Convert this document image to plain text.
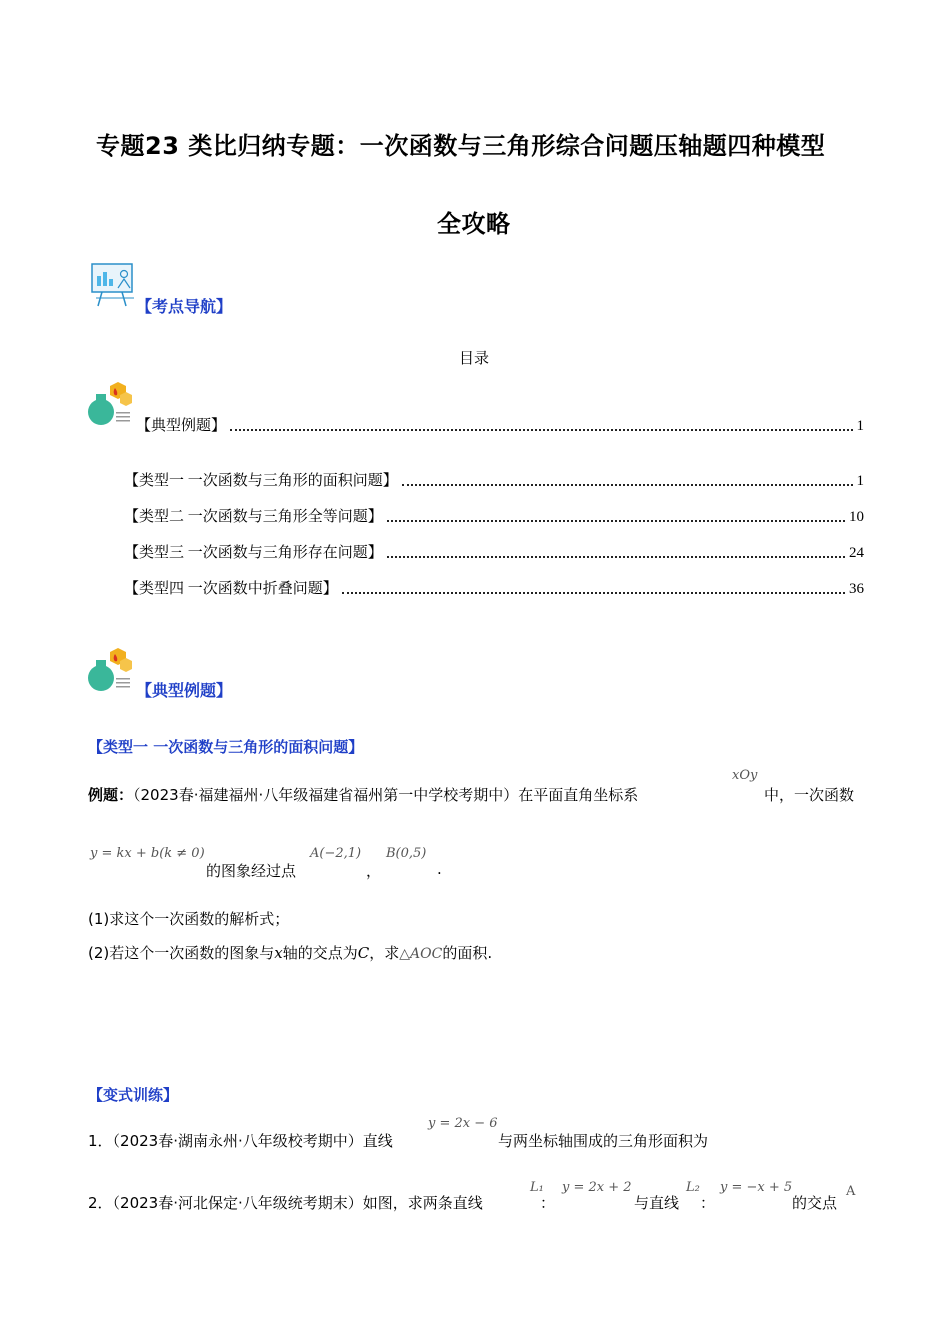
专题23 类比归纳专题：一次函数与三角形综合问题压轴题四种模型
全攻略
【考点导航】
目录
【典型例题】	1
【类型一 一次函数与三角形的面积问题】	1
【类型二 一次函数与三角形全等问题】	10
【类型三 一次函数与三角形存在问题】	24
【类型四 一次函数中折叠问题】	36
【典型例题】
【类型一 一次函数与三角形的面积问题】
例题：（2023春·福建福州·八年级福建省福州第一中学校考期中）在平面直角坐标系
xOy
中，一次函数
y = kx + b(k ≠ 0)
的图象经过点
A(−2,1)
，
B(0,5)
.
(1)求这个一次函数的解析式；
(2)若这个一次函数的图象与x轴的交点为C，求△AOC的面积.
【变式训练】
1．（2023春·湖南永州·八年级校考期中）直线
y = 2x − 6
与两坐标轴围成的三角形面积为
2．（2023春·河北保定·八年级统考期末）如图，求两条直线
L₁
：
y = 2x + 2
与直线
L₂
：
y = −x + 5
的交点
A
